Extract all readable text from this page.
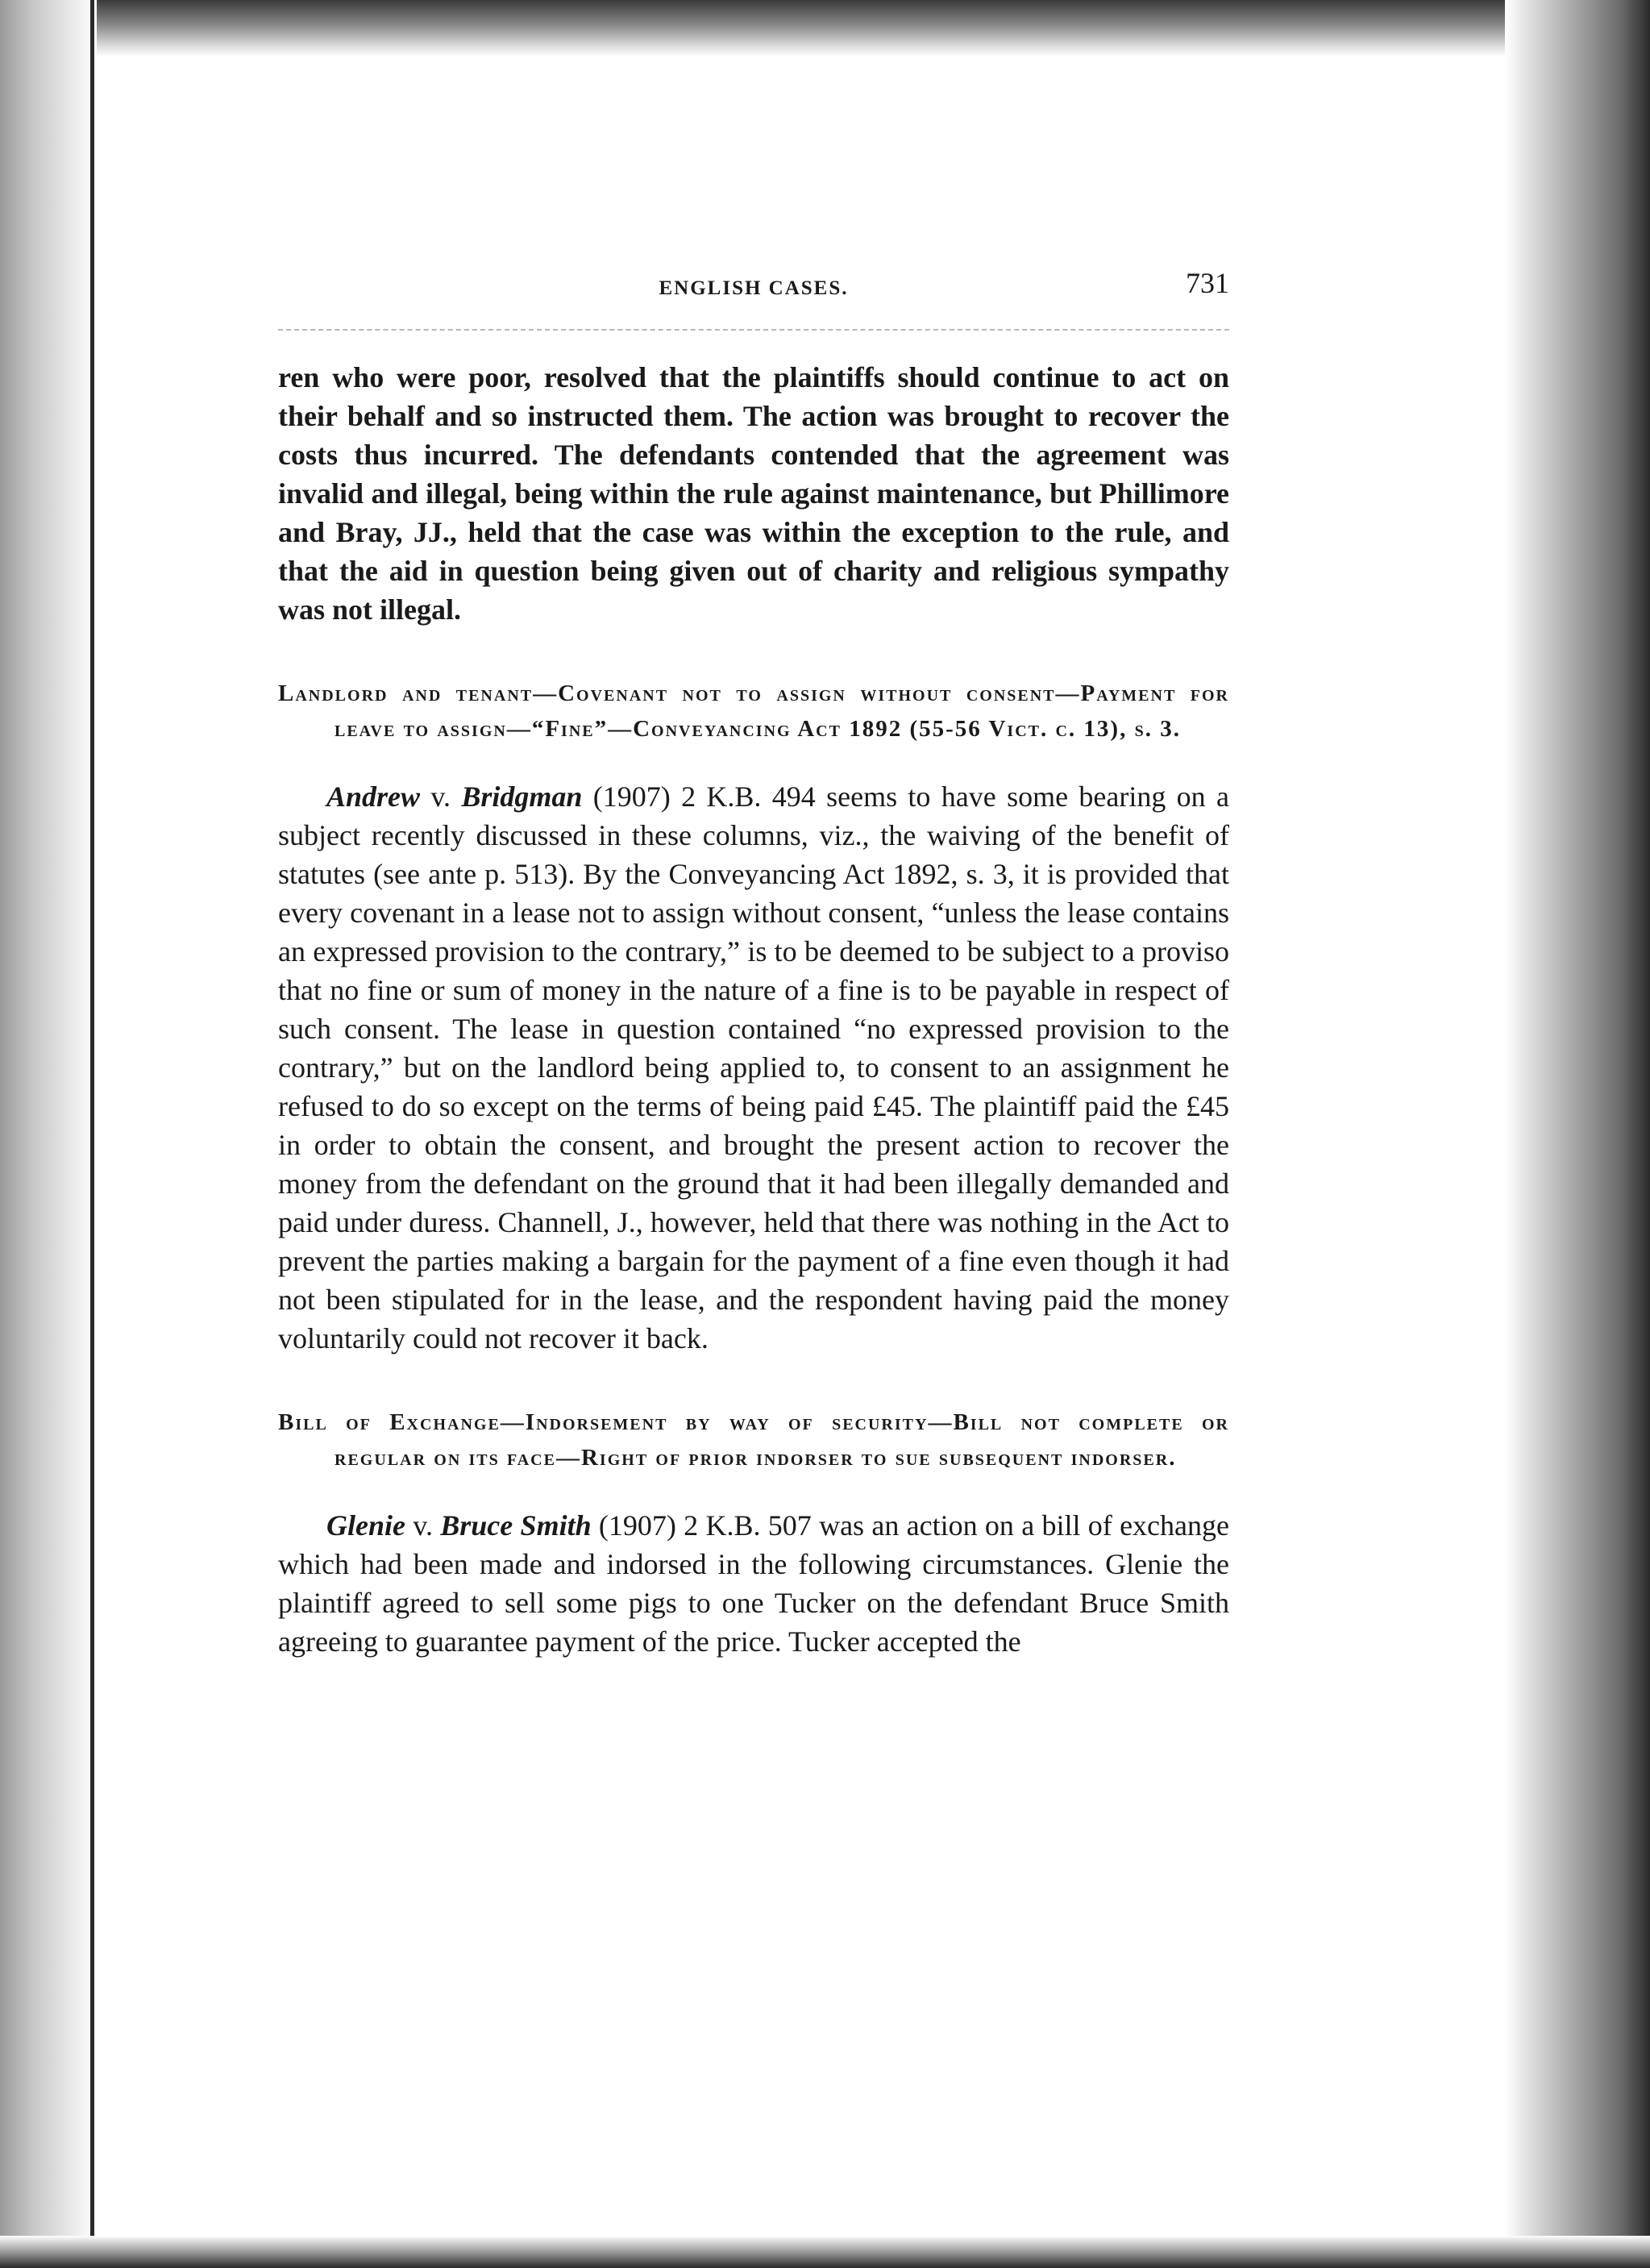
ENGLISH CASES.	731

ren who were poor, resolved that the plaintiffs should continue to act on their behalf and so instructed them. The action was brought to recover the costs thus incurred. The defendants contended that the agreement was invalid and illegal, being within the rule against maintenance, but Phillimore and Bray, JJ., held that the case was within the exception to the rule, and that the aid in question being given out of charity and religious sympathy was not illegal.

Landlord and tenant—Covenant not to assign without consent—Payment for leave to assign—“Fine”—Conveyancing Act 1892 (55-56 Vict. c. 13), s. 3.

Andrew v. Bridgman (1907) 2 K.B. 494 seems to have some bearing on a subject recently discussed in these columns, viz., the waiving of the benefit of statutes (see ante p. 513). By the Conveyancing Act 1892, s. 3, it is provided that every covenant in a lease not to assign without consent, “unless the lease contains an expressed provision to the contrary,” is to be deemed to be subject to a proviso that no fine or sum of money in the nature of a fine is to be payable in respect of such consent. The lease in question contained “no expressed provision to the contrary,” but on the landlord being applied to, to consent to an assignment he refused to do so except on the terms of being paid £45. The plaintiff paid the £45 in order to obtain the consent, and brought the present action to recover the money from the defendant on the ground that it had been illegally demanded and paid under duress. Channell, J., however, held that there was nothing in the Act to prevent the parties making a bargain for the payment of a fine even though it had not been stipulated for in the lease, and the respondent having paid the money voluntarily could not recover it back.

Bill of Exchange—Indorsement by way of security—Bill not complete or regular on its face—Right of prior indorser to sue subsequent indorser.

Glenie v. Bruce Smith (1907) 2 K.B. 507 was an action on a bill of exchange which had been made and indorsed in the following circumstances. Glenie the plaintiff agreed to sell some pigs to one Tucker on the defendant Bruce Smith agreeing to guarantee payment of the price. Tucker accepted the
